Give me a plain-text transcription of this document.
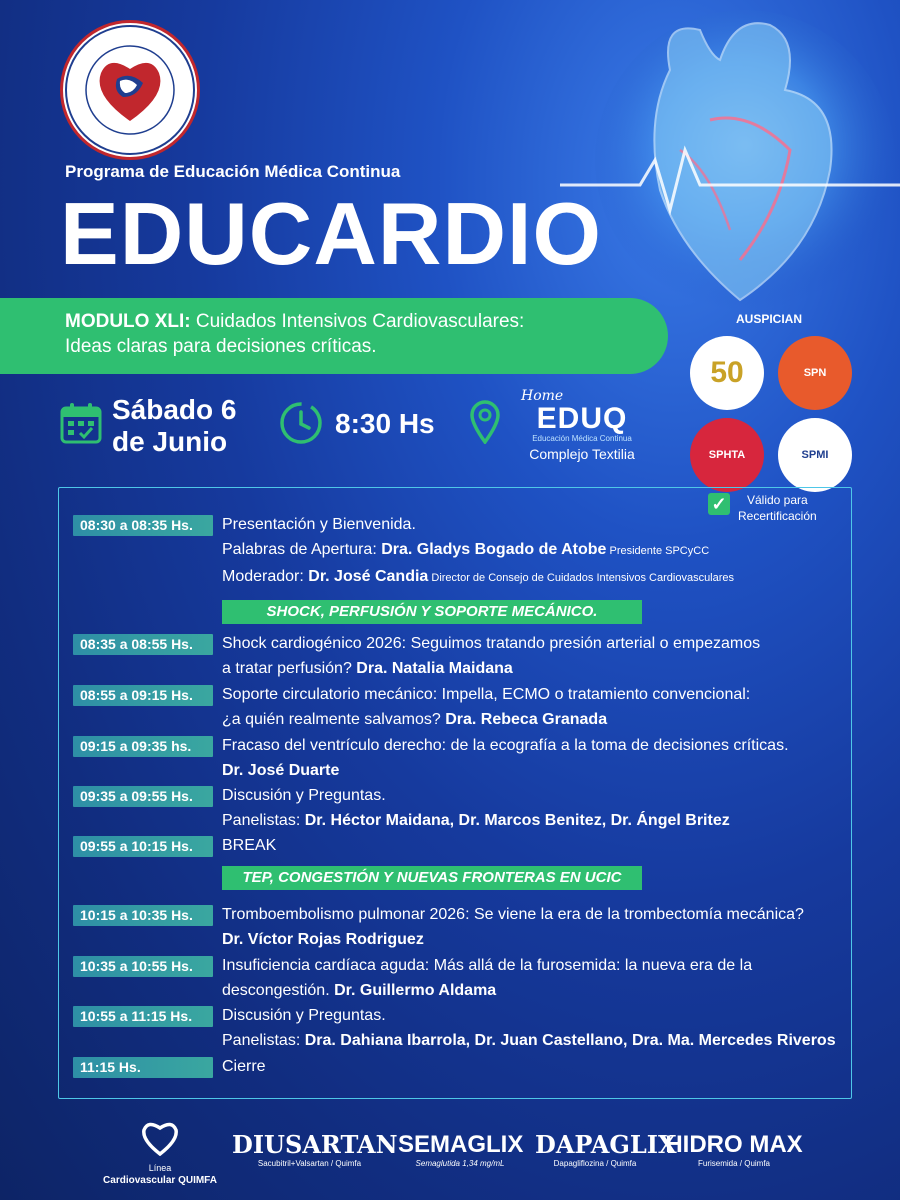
Programa de Educación Médica Continua
EDUCARDIO
MODULO XLI: Cuidados Intensivos Cardiovasculares:
Ideas claras para decisiones críticas.
AUSPICIAN
50	SPN
SPHTA	SPMI
Sábado 6
de Junio
8:30 Hs
Home
EDUQ
Educación Médica Continua
Complejo Textilia
✓	Válido para
Recertificación
08:30 a 08:35 Hs.	Presentación y Bienvenida.
Palabras de Apertura: Dra. Gladys Bogado de Atobe Presidente SPCyCC
Moderador: Dr. José Candia Director de Consejo de Cuidados Intensivos Cardiovasculares
SHOCK, PERFUSIÓN Y SOPORTE MECÁNICO.
08:35 a 08:55 Hs.	Shock cardiogénico 2026: Seguimos tratando presión arterial o empezamos
a tratar perfusión? Dra. Natalia Maidana
08:55 a 09:15 Hs.	Soporte circulatorio mecánico: Impella, ECMO o tratamiento convencional:
¿a quién realmente salvamos? Dra. Rebeca Granada
09:15 a 09:35 hs.	Fracaso del ventrículo derecho: de la ecografía a la toma de decisiones críticas.
Dr. José Duarte
09:35 a 09:55 Hs.	Discusión y Preguntas.
Panelistas: Dr. Héctor Maidana, Dr. Marcos Benitez, Dr. Ángel Britez
09:55 a 10:15 Hs.	BREAK
TEP, CONGESTIÓN Y NUEVAS FRONTERAS EN UCIC
10:15 a 10:35 Hs.	Tromboembolismo pulmonar 2026: Se viene la era de la trombectomía mecánica?
Dr. Víctor Rojas Rodriguez
10:35 a 10:55 Hs.	Insuficiencia cardíaca aguda: Más allá de la furosemida: la nueva era de la
descongestión. Dr. Guillermo Aldama
10:55 a 11:15 Hs.	Discusión y Preguntas.
Panelistas: Dra. Dahiana Ibarrola, Dr. Juan Castellano, Dra. Ma. Mercedes Riveros
11:15 Hs.	Cierre
Línea
Cardiovascular QUIMFA
DIUSARTAN
Sacubitril+Valsartan / Quimfa
SEMAGLIX
Semaglutida 1,34 mg/mL
DAPAGLIX
Dapagliflozina / Quimfa
HIDRO MAX
Furisemida / Quimfa
